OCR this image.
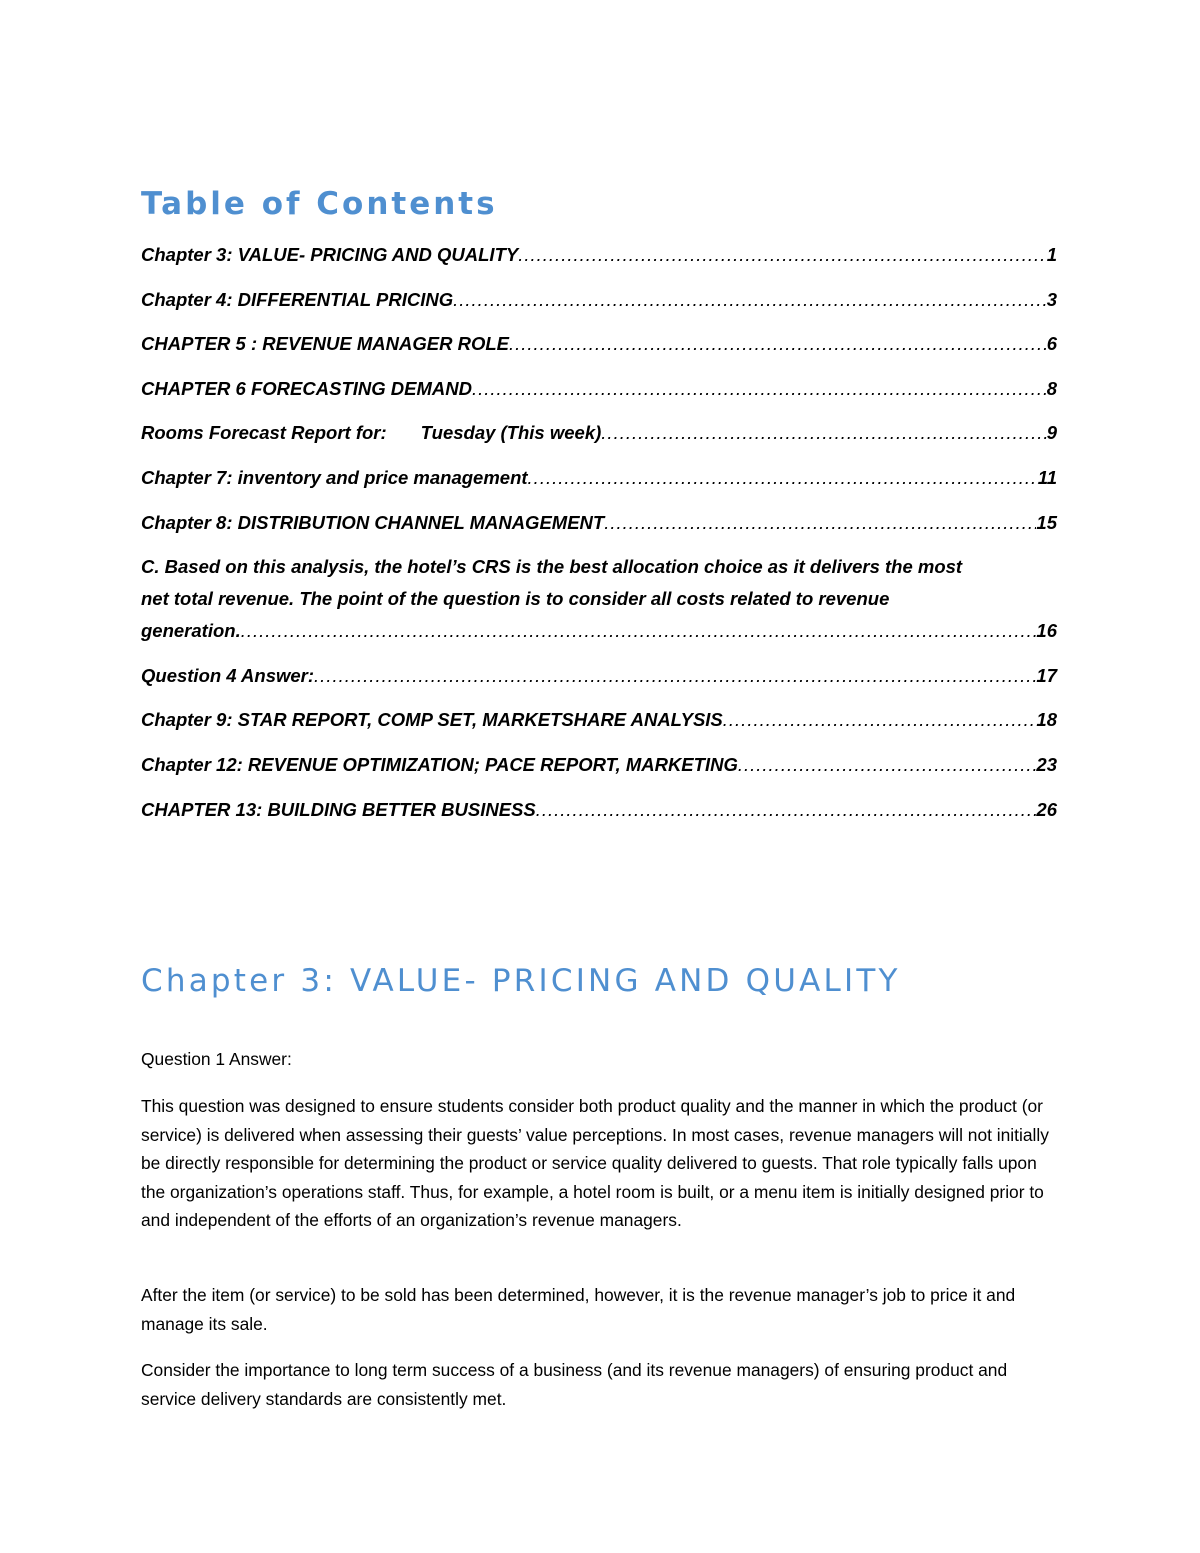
Table of Contents
Chapter 3: VALUE- PRICING AND QUALITY .....	1
Chapter 4: DIFFERENTIAL PRICING .....	3
CHAPTER 5 : REVENUE MANAGER ROLE .....	6
CHAPTER 6 FORECASTING DEMAND .....	8
Rooms Forecast Report for: Tuesday (This week) .....	9
Chapter 7: inventory and price management .....	11
Chapter 8: DISTRIBUTION CHANNEL MANAGEMENT .....	15
C. Based on this analysis, the hotel’s CRS is the best allocation choice as it delivers the most
net total revenue. The point of the question is to consider all costs related to revenue
generation. .....	16
Question 4 Answer: .....	17
Chapter 9: STAR REPORT, COMP SET, MARKETSHARE ANALYSIS .....	18
Chapter 12: REVENUE OPTIMIZATION; PACE REPORT, MARKETING .....	23
CHAPTER 13: BUILDING BETTER BUSINESS .....	26
Chapter 3: VALUE- PRICING AND QUALITY

Question 1 Answer:

This question was designed to ensure students consider both product quality and the manner in which the product (or service) is delivered when assessing their guests’ value perceptions. In most cases, revenue managers will not initially be directly responsible for determining the product or service quality delivered to guests. That role typically falls upon the organization’s operations staff. Thus, for example, a hotel room is built, or a menu item is initially designed prior to and independent of the efforts of an organization’s revenue managers.

After the item (or service) to be sold has been determined, however, it is the revenue manager’s job to price it and manage its sale.

Consider the importance to long term success of a business (and its revenue managers) of ensuring product and service delivery standards are consistently met.
